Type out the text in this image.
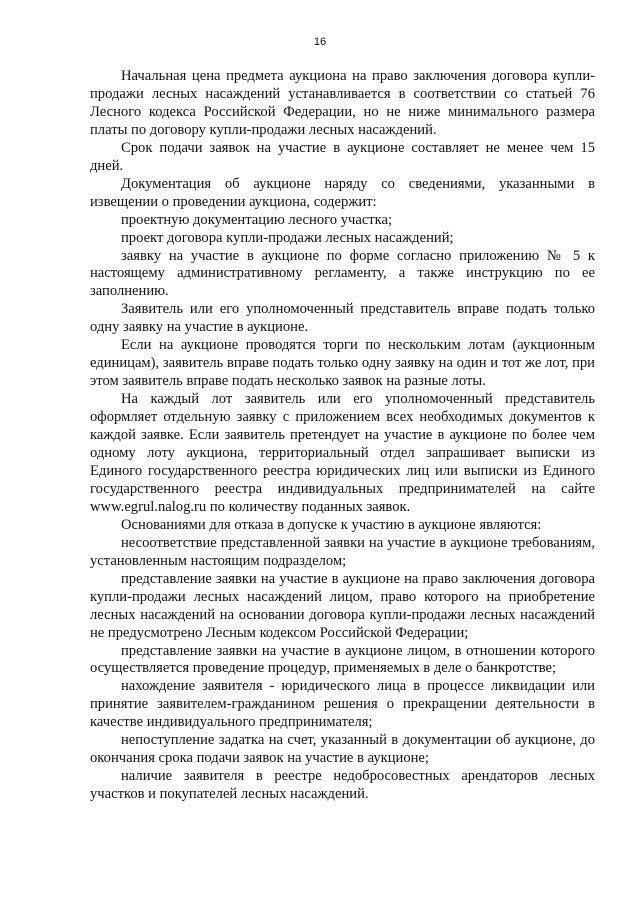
16

Начальная цена предмета аукциона на право заключения договора купли-продажи лесных насаждений устанавливается в соответствии со статьей 76 Лесного кодекса Российской Федерации, но не ниже минимального размера платы по договору купли-продажи лесных насаждений.

Срок подачи заявок на участие в аукционе составляет не менее чем 15 дней.

Документация об аукционе наряду со сведениями, указанными в извещении о проведении аукциона, содержит:

проектную документацию лесного участка;

проект договора купли-продажи лесных насаждений;

заявку на участие в аукционе по форме согласно приложению № 5 к настоящему административному регламенту, а также инструкцию по ее заполнению.

Заявитель или его уполномоченный представитель вправе подать только одну заявку на участие в аукционе.

Если на аукционе проводятся торги по нескольким лотам (аукционным единицам), заявитель вправе подать только одну заявку на один и тот же лот, при этом заявитель вправе подать несколько заявок на разные лоты.

На каждый лот заявитель или его уполномоченный представитель оформляет отдельную заявку с приложением всех необходимых документов к каждой заявке. Если заявитель претендует на участие в аукционе по более чем одному лоту аукциона, территориальный отдел запрашивает выписки из Единого государственного реестра юридических лиц или выписки из Единого государственного реестра индивидуальных предпринимателей на сайте www.egrul.nalog.ru по количеству поданных заявок.

Основаниями для отказа в допуске к участию в аукционе являются:

несоответствие представленной заявки на участие в аукционе требованиям, установленным настоящим подразделом;

представление заявки на участие в аукционе на право заключения договора купли-продажи лесных насаждений лицом, право которого на приобретение лесных насаждений на основании договора купли-продажи лесных насаждений не предусмотрено Лесным кодексом Российской Федерации;

представление заявки на участие в аукционе лицом, в отношении которого осуществляется проведение процедур, применяемых в деле о банкротстве;

нахождение заявителя - юридического лица в процессе ликвидации или принятие заявителем-гражданином решения о прекращении деятельности в качестве индивидуального предпринимателя;

непоступление задатка на счет, указанный в документации об аукционе, до окончания срока подачи заявок на участие в аукционе;

наличие заявителя в реестре недобросовестных арендаторов лесных участков и покупателей лесных насаждений.
